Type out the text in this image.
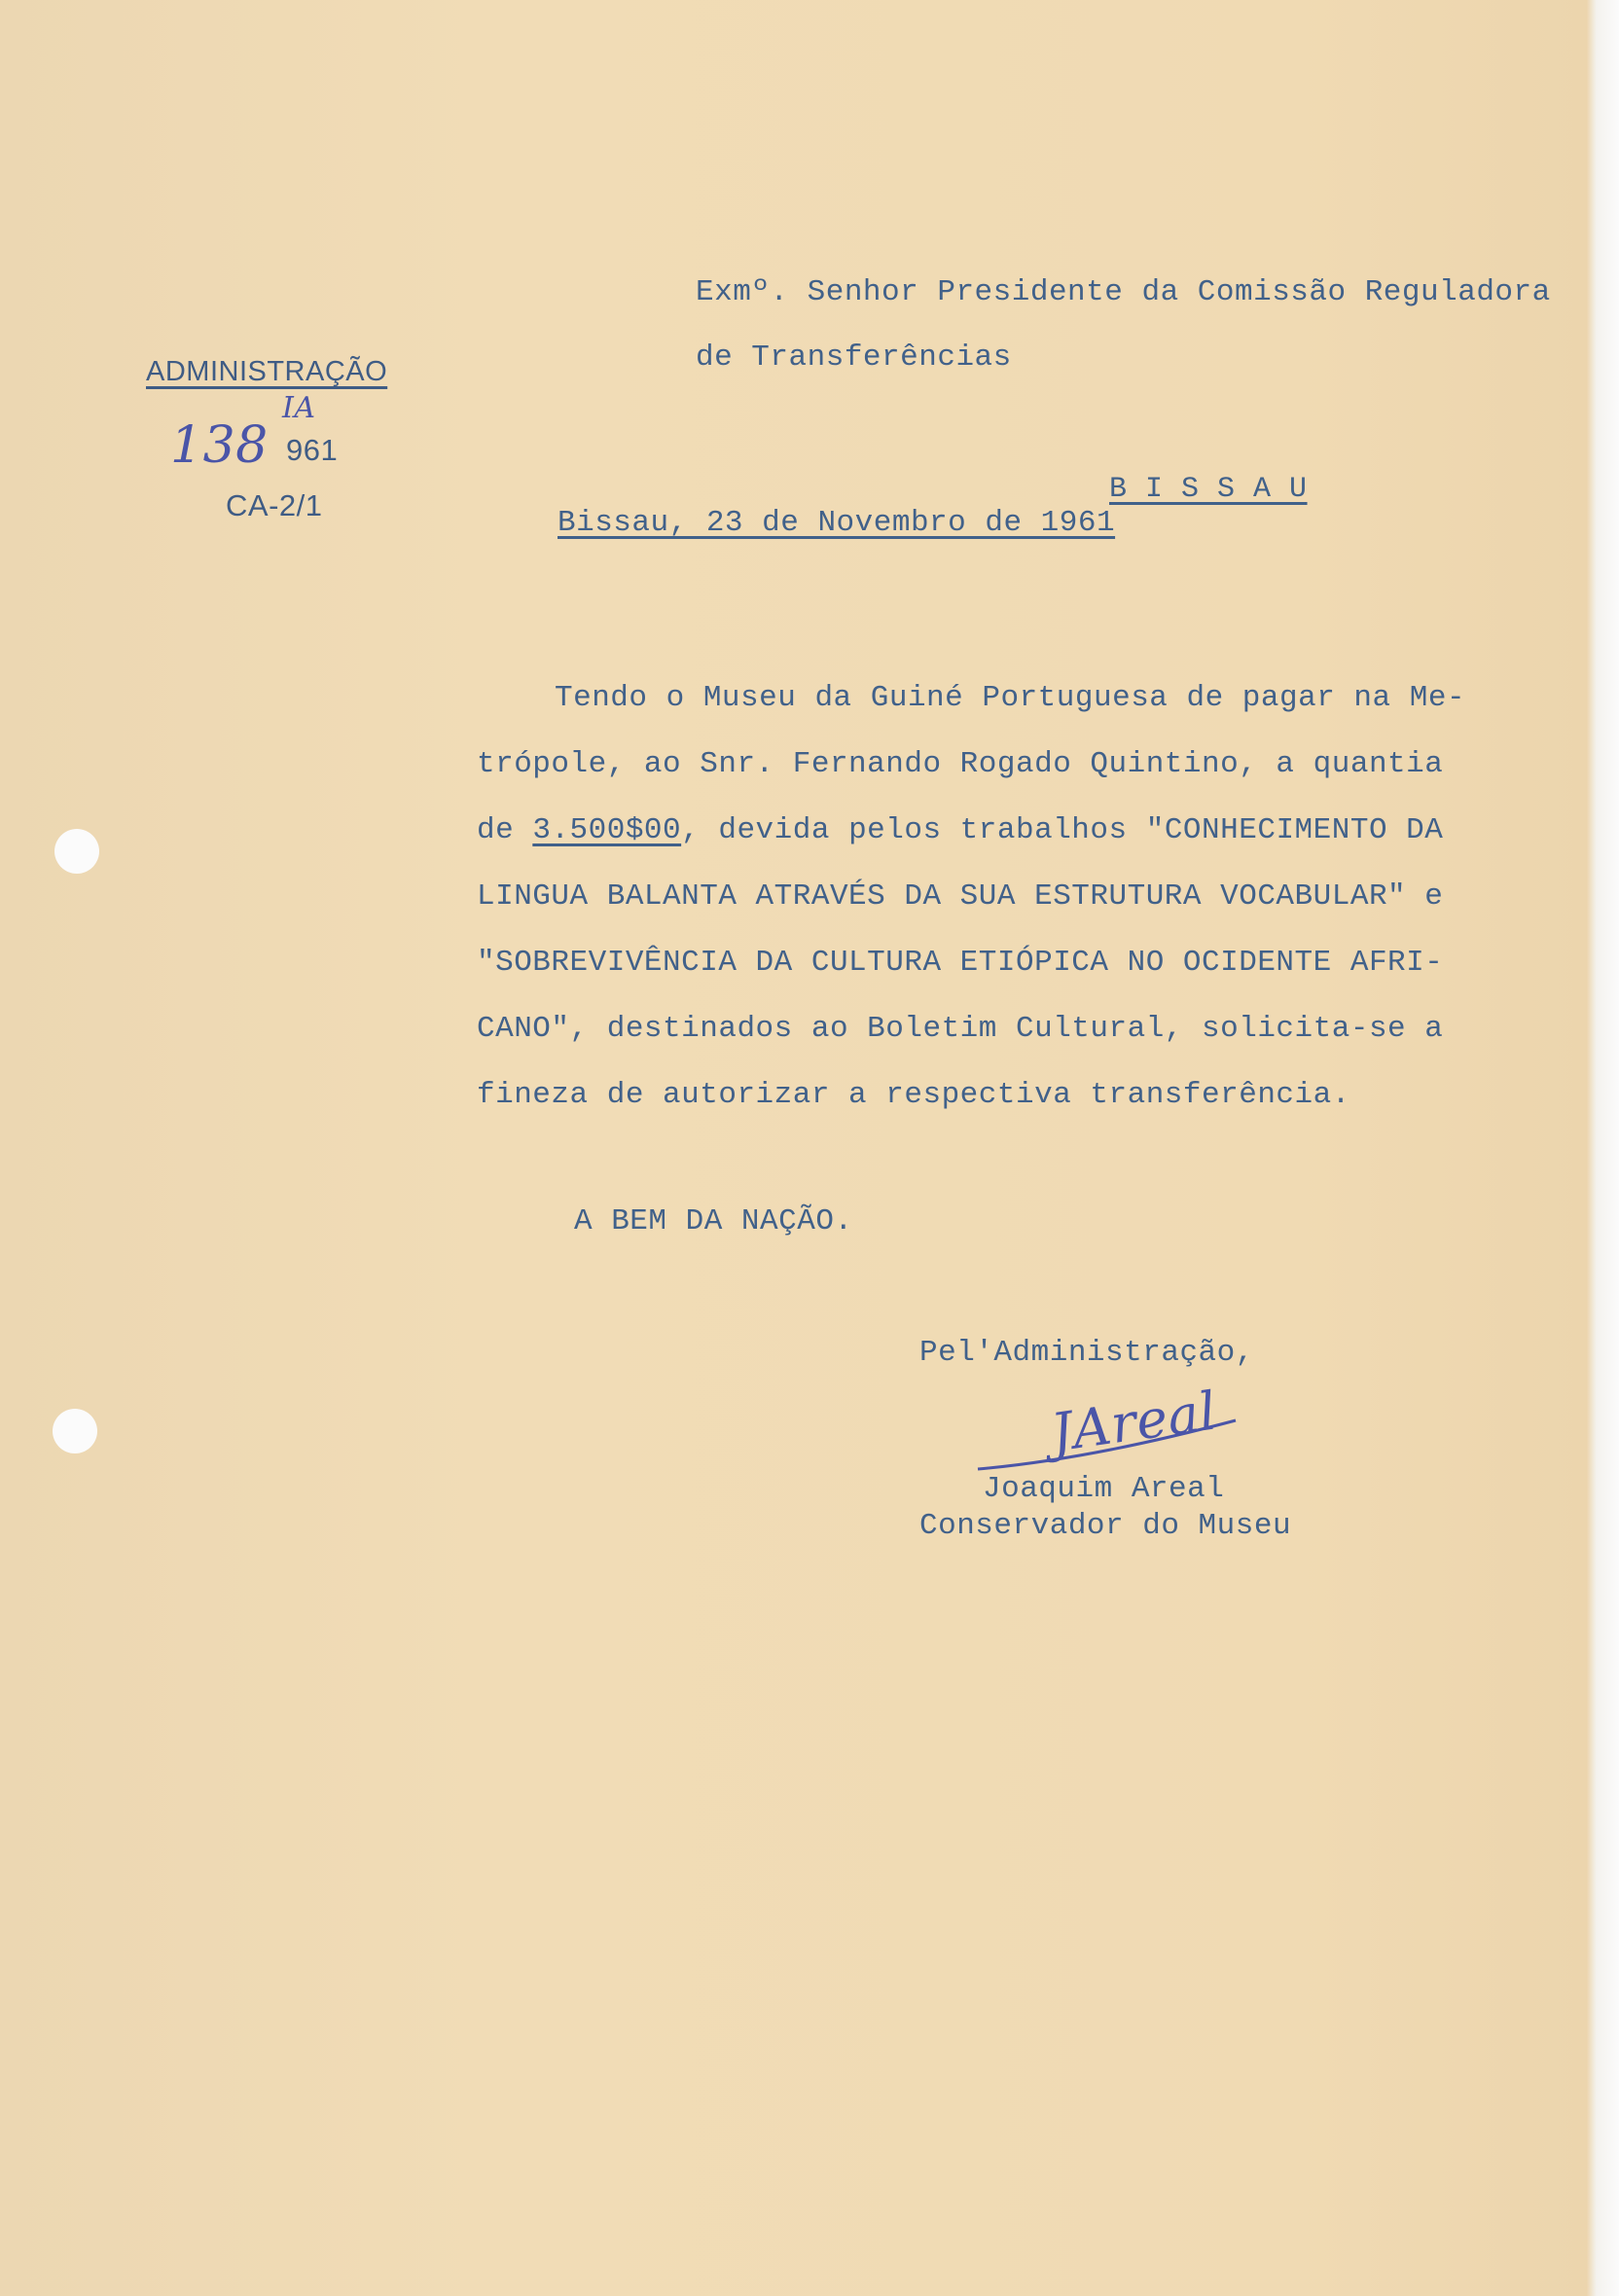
Exmº. Senhor Presidente da Comissão Reguladora
de Transferências
ADMINISTRAÇÃO
IA
138 961
CA-2/1	B I S S A U
Bissau, 23 de Novembro de 1961
Tendo o Museu da Guiné Portuguesa de pagar na Me-
trópole, ao Snr. Fernando Rogado Quintino, a quantia
de 3.500$00, devida pelos trabalhos "CONHECIMENTO DA
LINGUA BALANTA ATRAVÉS DA SUA ESTRUTURA VOCABULAR" e
"SOBREVIVÊNCIA DA CULTURA ETIÓPICA NO OCIDENTE AFRI-
CANO", destinados ao Boletim Cultural, solicita-se a
fineza de autorizar a respectiva transferência.
A BEM DA NAÇÃO.
Pel'Administração,
JAreal
Joaquim Areal
Conservador do Museu
